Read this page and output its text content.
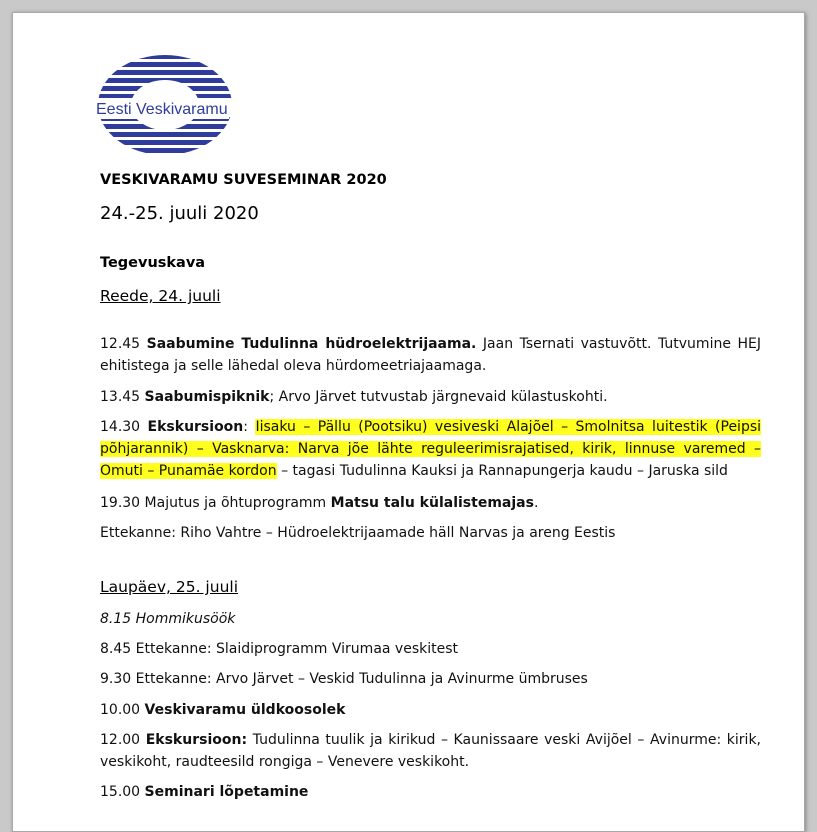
Eesti Veskivaramu
VESKIVARAMU SUVESEMINAR 2020
24.-25. juuli 2020
Tegevuskava
Reede, 24. juuli
12.45 Saabumine Tudulinna hüdroelektrijaama. Jaan Tsernati vastuvõtt. Tutvumine HEJ ehitistega ja selle lähedal oleva hürdomeetriajaamaga.
13.45 Saabumispiknik; Arvo Järvet tutvustab järgnevaid külastuskohti.
14.30 Ekskursioon: Iisaku – Pällu (Pootsiku) vesiveski Alajõel – Smolnitsa luitestik (Peipsi põhjarannik) – Vasknarva: Narva jõe lähte reguleerimisrajatised, kirik, linnuse varemed – Omuti – Punamäe kordon – tagasi Tudulinna Kauksi ja Rannapungerja kaudu – Jaruska sild
19.30 Majutus ja õhtuprogramm Matsu talu külalistemajas.
Ettekanne: Riho Vahtre – Hüdroelektrijaamade häll Narvas ja areng Eestis
Laupäev, 25. juuli
8.15 Hommikusöök
8.45 Ettekanne: Slaidiprogramm Virumaa veskitest
9.30 Ettekanne: Arvo Järvet – Veskid Tudulinna ja Avinurme ümbruses
10.00 Veskivaramu üldkoosolek
12.00 Ekskursioon: Tudulinna tuulik ja kirikud – Kaunissaare veski Avijõel – Avinurme: kirik, veskikoht, raudteesild rongiga – Venevere veskikoht.
15.00 Seminari lõpetamine
